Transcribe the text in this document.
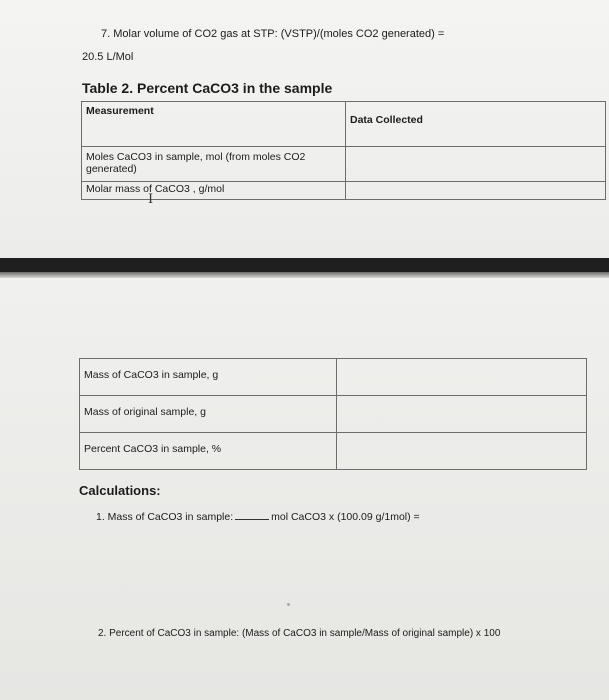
7. Molar volume of CO2 gas at STP: (VSTP)/(moles CO2 generated) =
20.5 L/Mol
Table 2. Percent CaCO3 in the sample
Measurement	Data Collected
Moles CaCO3 in sample, mol (from moles CO2 generated)	
Molar mass of CaCO3 , g/mol	
I
Mass of CaCO3 in sample, g	
Mass of original sample, g	
Percent CaCO3 in sample, %	
Calculations:
1. Mass of CaCO3 in sample:	mol CaCO3 x (100.09 g/1mol) =
2. Percent of CaCO3 in sample: (Mass of CaCO3 in sample/Mass of original sample) x 100
